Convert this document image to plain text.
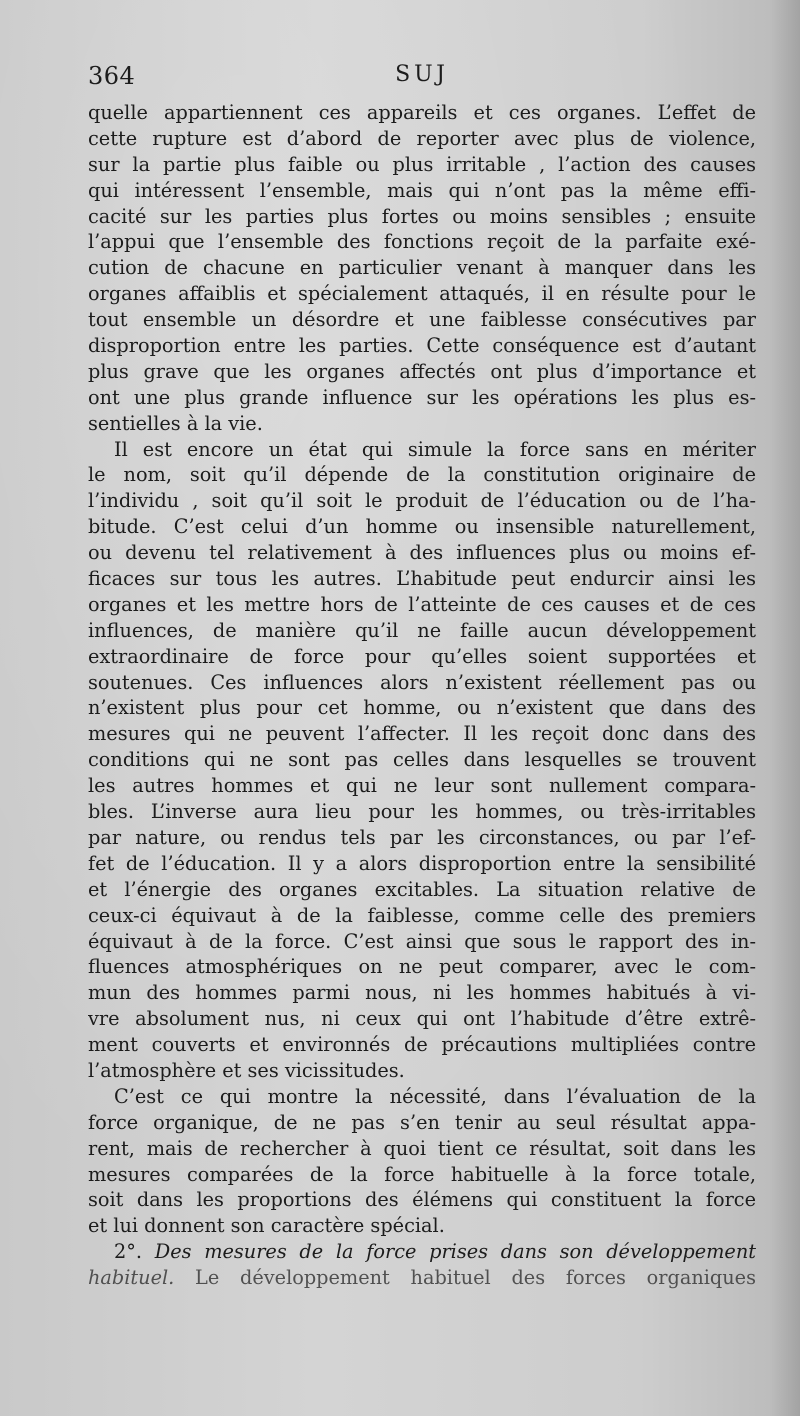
364	SUJ
quelle appartiennent ces appareils et ces organes. L’effet de
cette rupture est d’abord de reporter avec plus de violence,
sur la partie plus faible ou plus irritable , l’action des causes
qui intéressent l’ensemble, mais qui n’ont pas la même effi-
cacité sur les parties plus fortes ou moins sensibles ; ensuite
l’appui que l’ensemble des fonctions reçoit de la parfaite exé-
cution de chacune en particulier venant à manquer dans les
organes affaiblis et spécialement attaqués, il en résulte pour le
tout ensemble un désordre et une faiblesse consécutives par
disproportion entre les parties. Cette conséquence est d’autant
plus grave que les organes affectés ont plus d’importance et
ont une plus grande influence sur les opérations les plus es-
sentielles à la vie.
Il est encore un état qui simule la force sans en mériter
le nom, soit qu’il dépende de la constitution originaire de
l’individu , soit qu’il soit le produit de l’éducation ou de l’ha-
bitude. C’est celui d’un homme ou insensible naturellement,
ou devenu tel relativement à des influences plus ou moins ef-
ficaces sur tous les autres. L’habitude peut endurcir ainsi les
organes et les mettre hors de l’atteinte de ces causes et de ces
influences, de manière qu’il ne faille aucun développement
extraordinaire de force pour qu’elles soient supportées et
soutenues. Ces influences alors n’existent réellement pas ou
n’existent plus pour cet homme, ou n’existent que dans des
mesures qui ne peuvent l’affecter. Il les reçoit donc dans des
conditions qui ne sont pas celles dans lesquelles se trouvent
les autres hommes et qui ne leur sont nullement compara-
bles. L’inverse aura lieu pour les hommes, ou très-irritables
par nature, ou rendus tels par les circonstances, ou par l’ef-
fet de l’éducation. Il y a alors disproportion entre la sensibilité
et l’énergie des organes excitables. La situation relative de
ceux-ci équivaut à de la faiblesse, comme celle des premiers
équivaut à de la force. C’est ainsi que sous le rapport des in-
fluences atmosphériques on ne peut comparer, avec le com-
mun des hommes parmi nous, ni les hommes habitués à vi-
vre absolument nus, ni ceux qui ont l’habitude d’être extrê-
ment couverts et environnés de précautions multipliées contre
l’atmosphère et ses vicissitudes.
C’est ce qui montre la nécessité, dans l’évaluation de la
force organique, de ne pas s’en tenir au seul résultat appa-
rent, mais de rechercher à quoi tient ce résultat, soit dans les
mesures comparées de la force habituelle à la force totale,
soit dans les proportions des élémens qui constituent la force
et lui donnent son caractère spécial.
2°. Des mesures de la force prises dans son développement
habituel. Le développement habituel des forces organiques
